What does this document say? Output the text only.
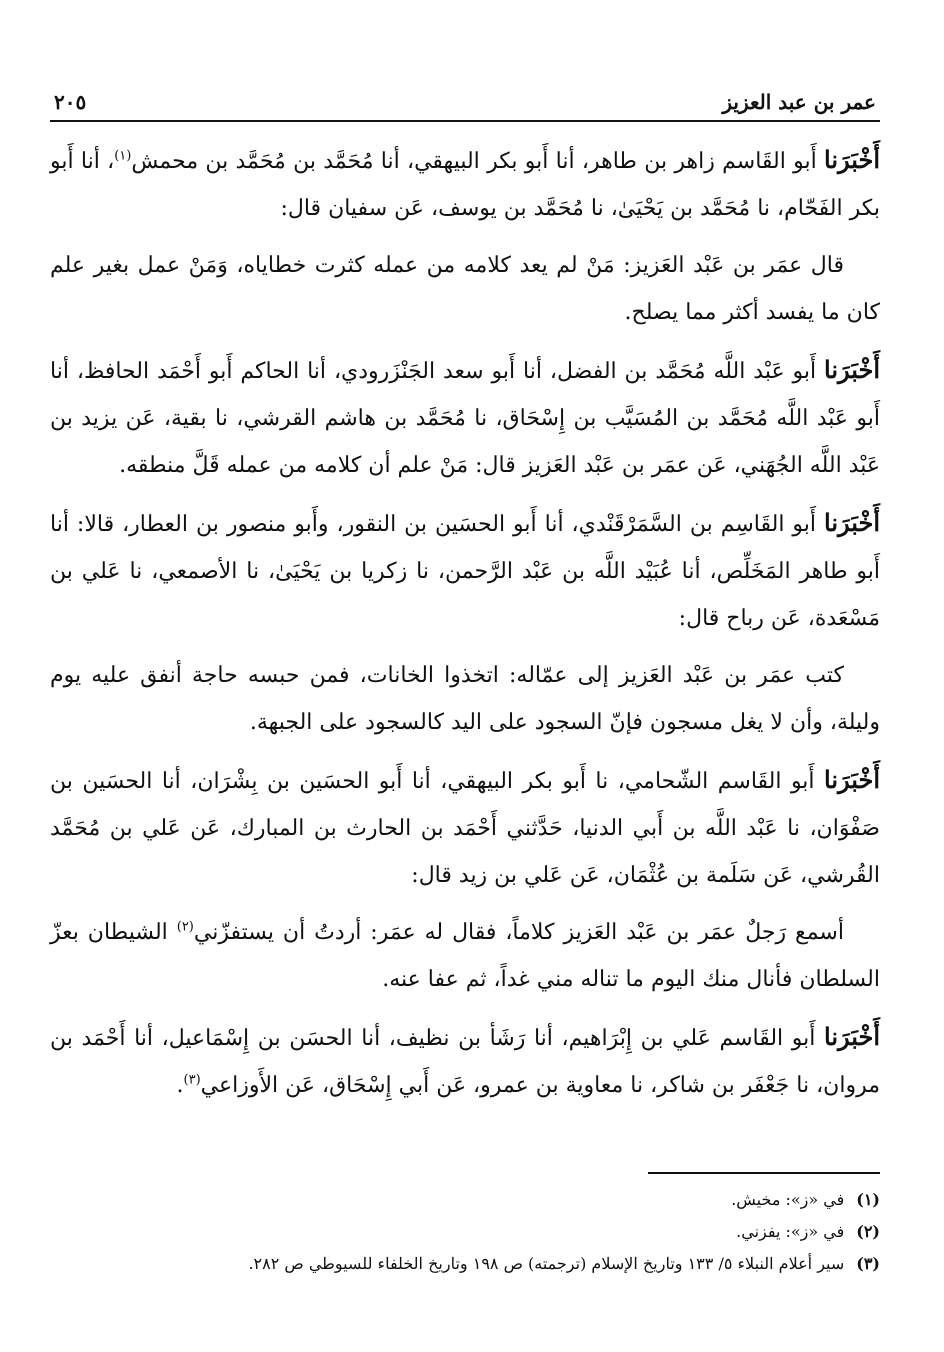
عمر بن عبد العزيز
٢٠٥

أَخْبَرَنا أَبو القَاسم زاهر بن طاهر، أنا أَبو بكر البيهقي، أنا مُحَمَّد بن مُحَمَّد بن محمش$^{(١)}$، أنا أَبو بكر الفَحّام، نا مُحَمَّد بن يَحْيَىٰ، نا مُحَمَّد بن يوسف، عَن سفيان قال:

قال عمَر بن عَبْد العَزيز: مَنْ لم يعد كلامه من عمله كثرت خطاياه، وَمَنْ عمل بغير علم كان ما يفسد أكثر مما يصلح.

أَخْبَرَنا أَبو عَبْد اللَّه مُحَمَّد بن الفضل، أنا أَبو سعد الجَنْزَرودي، أنا الحاكم أَبو أَحْمَد الحافظ، أنا أَبو عَبْد اللَّه مُحَمَّد بن المُسَيَّب بن إِسْحَاق، نا مُحَمَّد بن هاشم القرشي، نا بقية، عَن يزيد بن عَبْد اللَّه الجُهَني، عَن عمَر بن عَبْد العَزيز قال: مَنْ علم أن كلامه من عمله قَلَّ منطقه.

أَخْبَرَنا أَبو القَاسِم بن السَّمَرْقَنْدي، أنا أَبو الحسَين بن النقور، وأَبو منصور بن العطار، قالا: أنا أَبو طاهر المَخَلِّص، أنا عُبَيْد اللَّه بن عَبْد الرَّحمن، نا زكريا بن يَحْيَىٰ، نا الأصمعي، نا عَلي بن مَسْعَدة، عَن رباح قال:

كتب عمَر بن عَبْد العَزيز إلى عمّاله: اتخذوا الخانات، فمن حبسه حاجة أنفق عليه يوم وليلة، وأن لا يغل مسجون فإنّ السجود على اليد كالسجود على الجبهة.

أَخْبَرَنا أَبو القَاسم الشّحامي، نا أَبو بكر البيهقي، أنا أَبو الحسَين بن بِشْرَان، أنا الحسَين بن صَفْوَان، نا عَبْد اللَّه بن أَبي الدنيا، حَدَّثني أَحْمَد بن الحارث بن المبارك، عَن عَلي بن مُحَمَّد القُرشي، عَن سَلَمة بن عُثْمَان، عَن عَلي بن زيد قال:

أسمع رَجلٌ عمَر بن عَبْد العَزيز كلاماً، فقال له عمَر: أردتُ أن يستفزّني$^{(٢)}$ الشيطان بعزّ السلطان فأنال منك اليوم ما تناله مني غداً، ثم عفا عنه.

أَخْبَرَنا أَبو القَاسم عَلي بن إِبْرَاهيم، أنا رَشَأ بن نظيف، أنا الحسَن بن إِسْمَاعيل، أنا أَحْمَد بن مروان، نا جَعْفَر بن شاكر، نا معاوية بن عمرو، عَن أَبي إِسْحَاق، عَن الأَوزاعي$^{(٣)}$.

(١)
في «ز»: مخيش.
(٢)
في «ز»: يفزني.
(٣)
سير أعلام النبلاء ٥/ ١٣٣ وتاريخ الإسلام (ترجمته) ص ١٩٨ وتاريخ الخلفاء للسيوطي ص ٢٨٢.
